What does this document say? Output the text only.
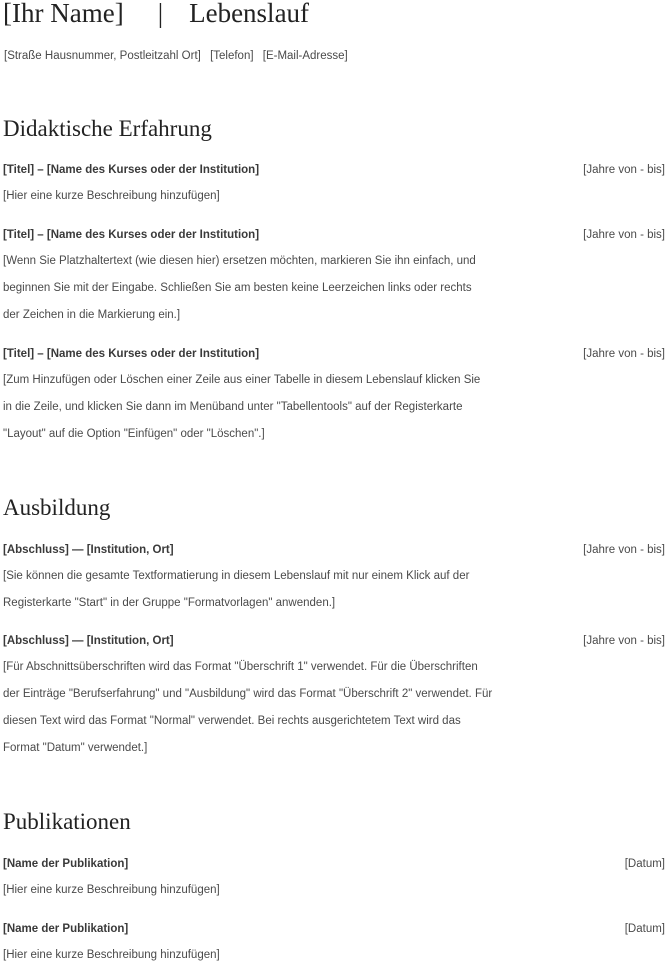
[Ihr Name] | Lebenslauf
[Straße Hausnummer, Postleitzahl Ort] [Telefon] [E-Mail-Adresse]
Didaktische Erfahrung
[Titel] – [Name des Kurses oder der Institution]	[Jahre von - bis]
[Hier eine kurze Beschreibung hinzufügen]
[Titel] – [Name des Kurses oder der Institution]	[Jahre von - bis]
[Wenn Sie Platzhaltertext (wie diesen hier) ersetzen möchten, markieren Sie ihn einfach, und
beginnen Sie mit der Eingabe. Schließen Sie am besten keine Leerzeichen links oder rechts
der Zeichen in die Markierung ein.]
[Titel] – [Name des Kurses oder der Institution]	[Jahre von - bis]
[Zum Hinzufügen oder Löschen einer Zeile aus einer Tabelle in diesem Lebenslauf klicken Sie
in die Zeile, und klicken Sie dann im Menüband unter "Tabellentools" auf der Registerkarte
"Layout" auf die Option "Einfügen" oder "Löschen".]
Ausbildung
[Abschluss] — [Institution, Ort]	[Jahre von - bis]
[Sie können die gesamte Textformatierung in diesem Lebenslauf mit nur einem Klick auf der
Registerkarte "Start" in der Gruppe "Formatvorlagen" anwenden.]
[Abschluss] — [Institution, Ort]	[Jahre von - bis]
[Für Abschnittsüberschriften wird das Format "Überschrift 1" verwendet. Für die Überschriften
der Einträge "Berufserfahrung" und "Ausbildung" wird das Format "Überschrift 2" verwendet. Für
diesen Text wird das Format "Normal" verwendet. Bei rechts ausgerichtetem Text wird das
Format "Datum" verwendet.]
Publikationen
[Name der Publikation]	[Datum]
[Hier eine kurze Beschreibung hinzufügen]
[Name der Publikation]	[Datum]
[Hier eine kurze Beschreibung hinzufügen]
